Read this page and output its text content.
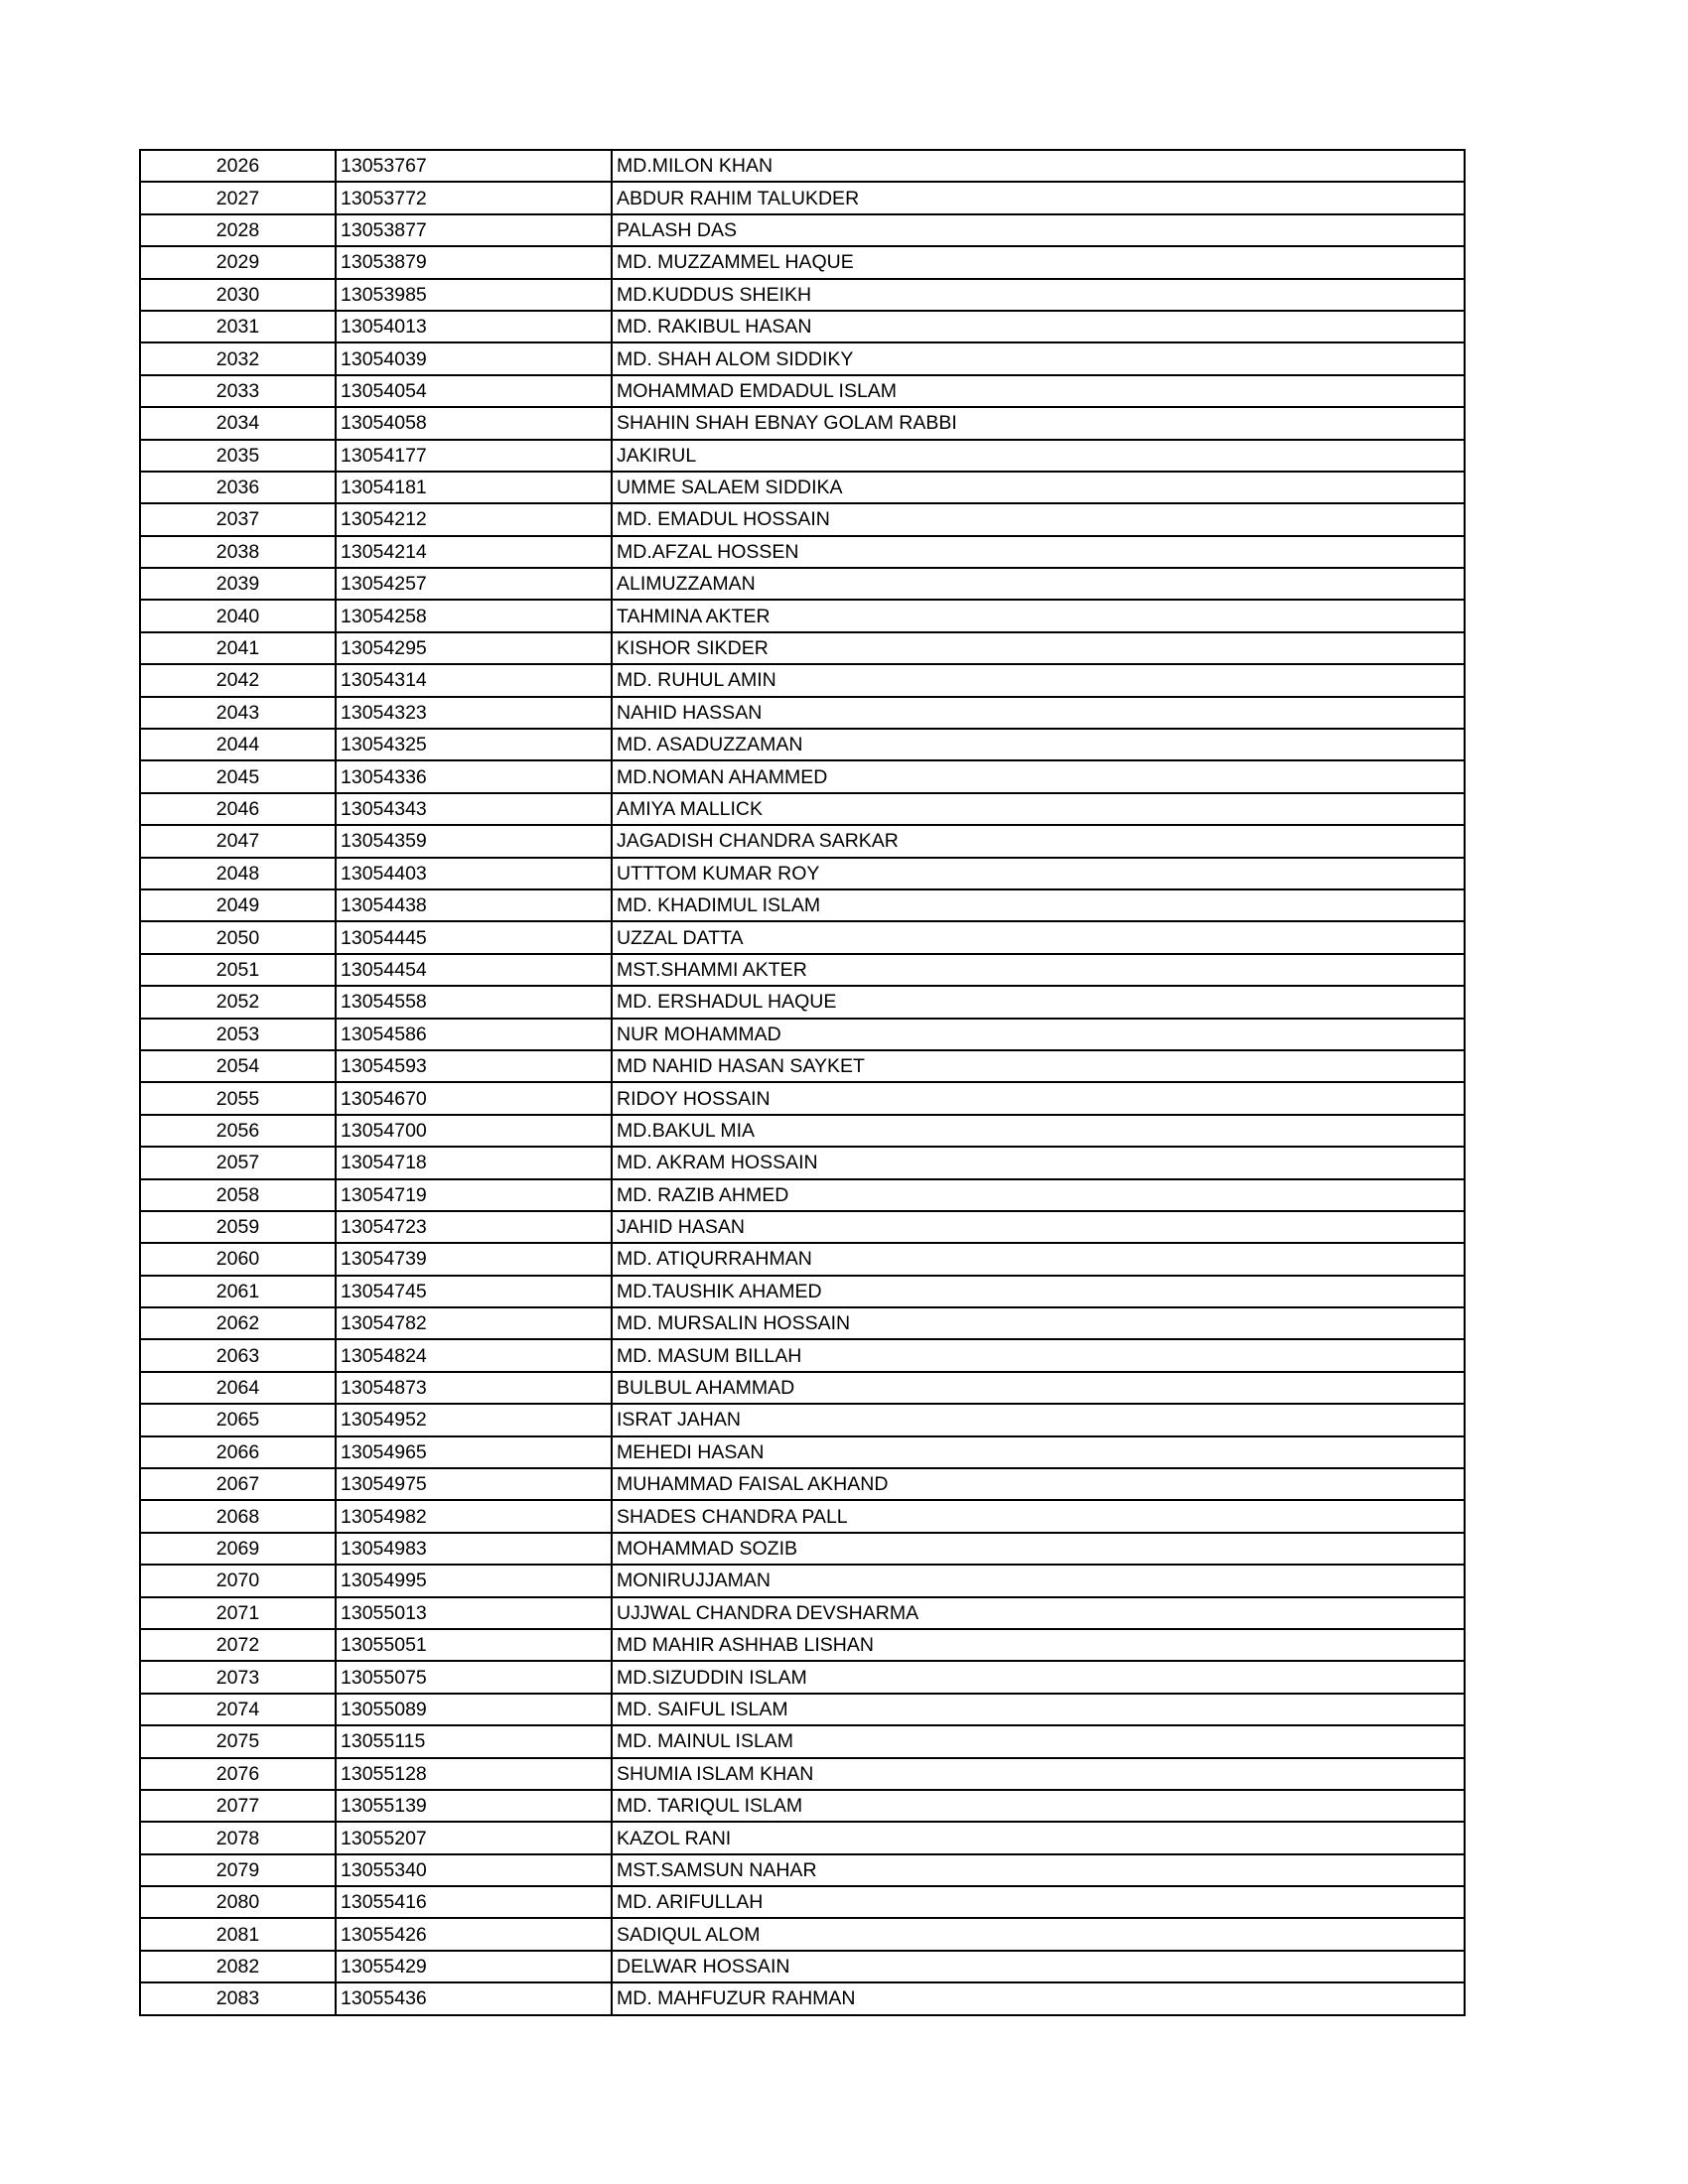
2026	13053767	MD.MILON KHAN
2027	13053772	ABDUR RAHIM TALUKDER
2028	13053877	PALASH DAS
2029	13053879	MD. MUZZAMMEL HAQUE
2030	13053985	MD.KUDDUS SHEIKH
2031	13054013	MD. RAKIBUL HASAN
2032	13054039	MD. SHAH ALOM SIDDIKY
2033	13054054	MOHAMMAD EMDADUL ISLAM
2034	13054058	SHAHIN SHAH EBNAY GOLAM RABBI
2035	13054177	JAKIRUL
2036	13054181	UMME SALAEM SIDDIKA
2037	13054212	MD. EMADUL HOSSAIN
2038	13054214	MD.AFZAL HOSSEN
2039	13054257	ALIMUZZAMAN
2040	13054258	TAHMINA AKTER
2041	13054295	KISHOR SIKDER
2042	13054314	MD. RUHUL AMIN
2043	13054323	NAHID HASSAN
2044	13054325	MD. ASADUZZAMAN
2045	13054336	MD.NOMAN AHAMMED
2046	13054343	AMIYA MALLICK
2047	13054359	JAGADISH CHANDRA SARKAR
2048	13054403	UTTTOM KUMAR ROY
2049	13054438	MD. KHADIMUL ISLAM
2050	13054445	UZZAL DATTA
2051	13054454	MST.SHAMMI AKTER
2052	13054558	MD. ERSHADUL HAQUE
2053	13054586	NUR MOHAMMAD
2054	13054593	MD NAHID HASAN SAYKET
2055	13054670	RIDOY HOSSAIN
2056	13054700	MD.BAKUL MIA
2057	13054718	MD. AKRAM HOSSAIN
2058	13054719	MD. RAZIB AHMED
2059	13054723	JAHID HASAN
2060	13054739	MD. ATIQURRAHMAN
2061	13054745	MD.TAUSHIK AHAMED
2062	13054782	MD. MURSALIN HOSSAIN
2063	13054824	MD. MASUM BILLAH
2064	13054873	BULBUL AHAMMAD
2065	13054952	ISRAT JAHAN
2066	13054965	MEHEDI HASAN
2067	13054975	MUHAMMAD FAISAL AKHAND
2068	13054982	SHADES CHANDRA PALL
2069	13054983	MOHAMMAD SOZIB
2070	13054995	MONIRUJJAMAN
2071	13055013	UJJWAL CHANDRA DEVSHARMA
2072	13055051	MD MAHIR ASHHAB LISHAN
2073	13055075	MD.SIZUDDIN ISLAM
2074	13055089	MD. SAIFUL ISLAM
2075	13055115	MD. MAINUL ISLAM
2076	13055128	SHUMIA ISLAM KHAN
2077	13055139	MD. TARIQUL ISLAM
2078	13055207	KAZOL RANI
2079	13055340	MST.SAMSUN NAHAR
2080	13055416	MD. ARIFULLAH
2081	13055426	SADIQUL ALOM
2082	13055429	DELWAR HOSSAIN
2083	13055436	MD. MAHFUZUR RAHMAN
